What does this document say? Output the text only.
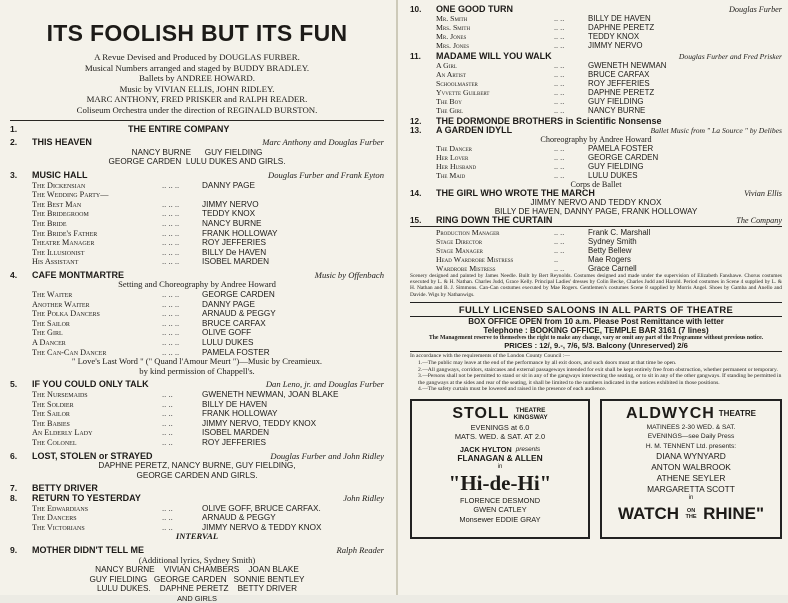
ITS FOOLISH BUT ITS FUN
A Revue Devised and Produced by DOUGLAS FURBER.
Musical Numbers arranged and staged by BUDDY BRADLEY.
Ballets by ANDREE HOWARD.
Music by VIVIAN ELLIS, JOHN RIDLEY.
MARC ANTHONY, FRED PRISKER and RALPH READER.
Coliseum Orchestra under the direction of REGINALD BURSTON.
1.	THE ENTIRE COMPANY
2.	THIS HEAVEN	Marc Anthony and Douglas Furber
NANCY BURNE      GUY FIELDING
GEORGE CARDEN  LULU DUKES AND GIRLS.
3.	MUSIC HALL	Douglas Furber and Frank Eyton
The Dickensian	.. .. ..	DANNY PAGE
The Wedding Party—
The Best Man	.. .. ..	JIMMY NERVO
The Bridegroom	.. .. ..	TEDDY KNOX
The Bride	.. .. ..	NANCY BURNE
The Bride's Father	.. .. ..	FRANK HOLLOWAY
Theatre Manager	.. .. ..	ROY JEFFERIES
The Illusionist	.. .. ..	BILLY De HAVEN
His Assistant	.. .. ..	ISOBEL MARDEN
4.	CAFE MONTMARTRE	Music by Offenbach
Setting and Choreography by Andree Howard
The Waiter	.. .. ..	GEORGE CARDEN
Another Waiter	.. .. ..	DANNY PAGE
The Polka Dancers	.. .. ..	ARNAUD & PEGGY
The Sailor	.. .. ..	BRUCE CARFAX
The Girl	.. .. ..	OLIVE GOFF
A Dancer	.. .. ..	LULU DUKES
The Can-Can Dancer	.. .. ..	PAMELA FOSTER
" Love's Last Word " (" Quand l'Amour Meurt ")—Music by Creamieux.
by kind permission of Chappell's.
5.	IF YOU COULD ONLY TALK	Dan Leno, jr. and Douglas Furber
The Nursemaids	.. ..	GWENETH NEWMAN, JOAN BLAKE
The Soldier	.. ..	BILLY DE HAVEN
The Sailor	.. ..	FRANK HOLLOWAY
The Babies	.. ..	JIMMY NERVO, TEDDY KNOX
An Elderly Lady	.. ..	ISOBEL MARDEN
The Colonel	.. ..	ROY JEFFERIES
6.	LOST, STOLEN or STRAYED	Douglas Furber and John Ridley
DAPHNE PERETZ, NANCY BURNE, GUY FIELDING,
GEORGE CARDEN AND GIRLS.
7.	BETTY DRIVER
8.	RETURN TO YESTERDAY	John Ridley
The Edwardians	.. ..	OLIVE GOFF, BRUCE CARFAX.
The Dancers	.. ..	ARNAUD & PEGGY
The Victorians	.. ..	JIMMY NERVO & TEDDY KNOX
INTERVAL
9.	MOTHER DIDN'T TELL ME	Ralph Reader
(Additional lyrics, Sydney Smith)
NANCY BURNE    VIVIAN CHAMBERS    JOAN BLAKE
GUY FIELDING   GEORGE CARDEN   SONNIE BENTLEY
LULU DUKES.    DAPHNE PERETZ    BETTY DRIVER
AND GIRLS
10.	ONE GOOD TURN	Douglas Furber
Mr. Smith	.. ..	BILLY DE HAVEN
Mrs. Smith	.. ..	DAPHNE PERETZ
Mr. Jones	.. ..	TEDDY KNOX
Mrs. Jones	.. ..	JIMMY NERVO
11.	MADAME WILL YOU WALK	Douglas Furber and Fred Prisker
A Girl	.. ..	GWENETH NEWMAN
An Artist	.. ..	BRUCE CARFAX
Schoolmaster	.. ..	ROY JEFFERIES
Yvvette Guilbert	.. ..	DAPHNE PERETZ
The Boy	.. ..	GUY FIELDING
The Girl	.. ..	NANCY BURNE
12.	THE DORMONDE BROTHERS in Scientific Nonsense
13.	A GARDEN IDYLL	Ballet Music from " La Source " by Delibes
Choreography by Andree Howard
The Dancer	.. ..	PAMELA FOSTER
Her Lover	.. ..	GEORGE CARDEN
Her Husband	.. ..	GUY FIELDING
The Maid	.. ..	LULU DUKES
Corps de Ballet
14.	THE GIRL WHO WROTE THE MARCH	Vivian Ellis
JIMMY NERVO AND TEDDY KNOX
BILLY DE HAVEN, DANNY PAGE, FRANK HOLLOWAY
15.	RING DOWN THE CURTAIN	The Company
Production Manager	.. ..	Frank C. Marshall
Stage Director	.. ..	Sydney Smith
Stage Manager	.. ..	Betty Bellew
Head Wardrobe Mistress	..	Mae Rogers
Wardrobe Mistress	.. ..	Grace Carnell
Scenery designed and painted by James Needle. Built by Bert Reynolds. Costumes designed and made under the supervision of Elizabeth Fanshawe. Chorus costumes executed by L. & H. Nathan. Charles Judd, Grace Kelly. Principal Ladies' dresses by Colin Becke, Charles Judd and Harold. Period costumes in Scene 4 supplied by L. & H. Nathan and B. J. Simmons. Can-Can costumes executed by Mae Rogers. Gentlemen's costumes Scene 8 supplied by Morris Angel. Shoes by Gamba and Anello and Davide. Wigs by Nathanwigs.
FULLY LICENSED SALOONS IN ALL PARTS OF THEATRE
BOX OFFICE OPEN from 10 a.m. Please Post Remittance with letter
Telephone : BOOKING OFFICE, TEMPLE BAR 3161 (7 lines)
The Management reserve to themselves the right to make any change, vary or omit any part of the Programme without previous notice.
PRICES : 12/, 9.-, 7/6, 5/3. Balcony (Unreserved) 2/6
In accordance with the requirements of the London County Council :—
1.—The public may leave at the end of the performance by all exit doors, and such doors must at that time be open.
2.—All gangways, corridors, staircases and external passageways intended for exit shall be kept entirely free from obstruction, whether permanent or temporary.
3.—Persons shall not be permitted to stand or sit in any of the gangways intersecting the seating, or to sit in any of the other gangways. If standing be permitted in the gangways at the sides and rear of the seating, it shall be limited to the numbers indicated in the notices exhibited in those positions.
4.—The safety curtain must be lowered and raised in the presence of each audience.
STOLL THEATRE
KINGSWAY
EVENINGS at 6.0
MATS. WED. & SAT. AT 2.0
JACK HYLTON presents
FLANAGAN & ALLEN
in
"Hi-de-Hi"
FLORENCE DESMOND
GWEN CATLEY
Monsewer EDDIE GRAY
ALDWYCH THEATRE
MATINEES 2-30 WED. & SAT.
EVENINGS—see Daily Press
H. M. TENNENT Ltd. presents:
DIANA WYNYARD
ANTON WALBROOK
ATHENE SEYLER
MARGARETTA SCOTT
in
WATCH	ON THE RHINE"
